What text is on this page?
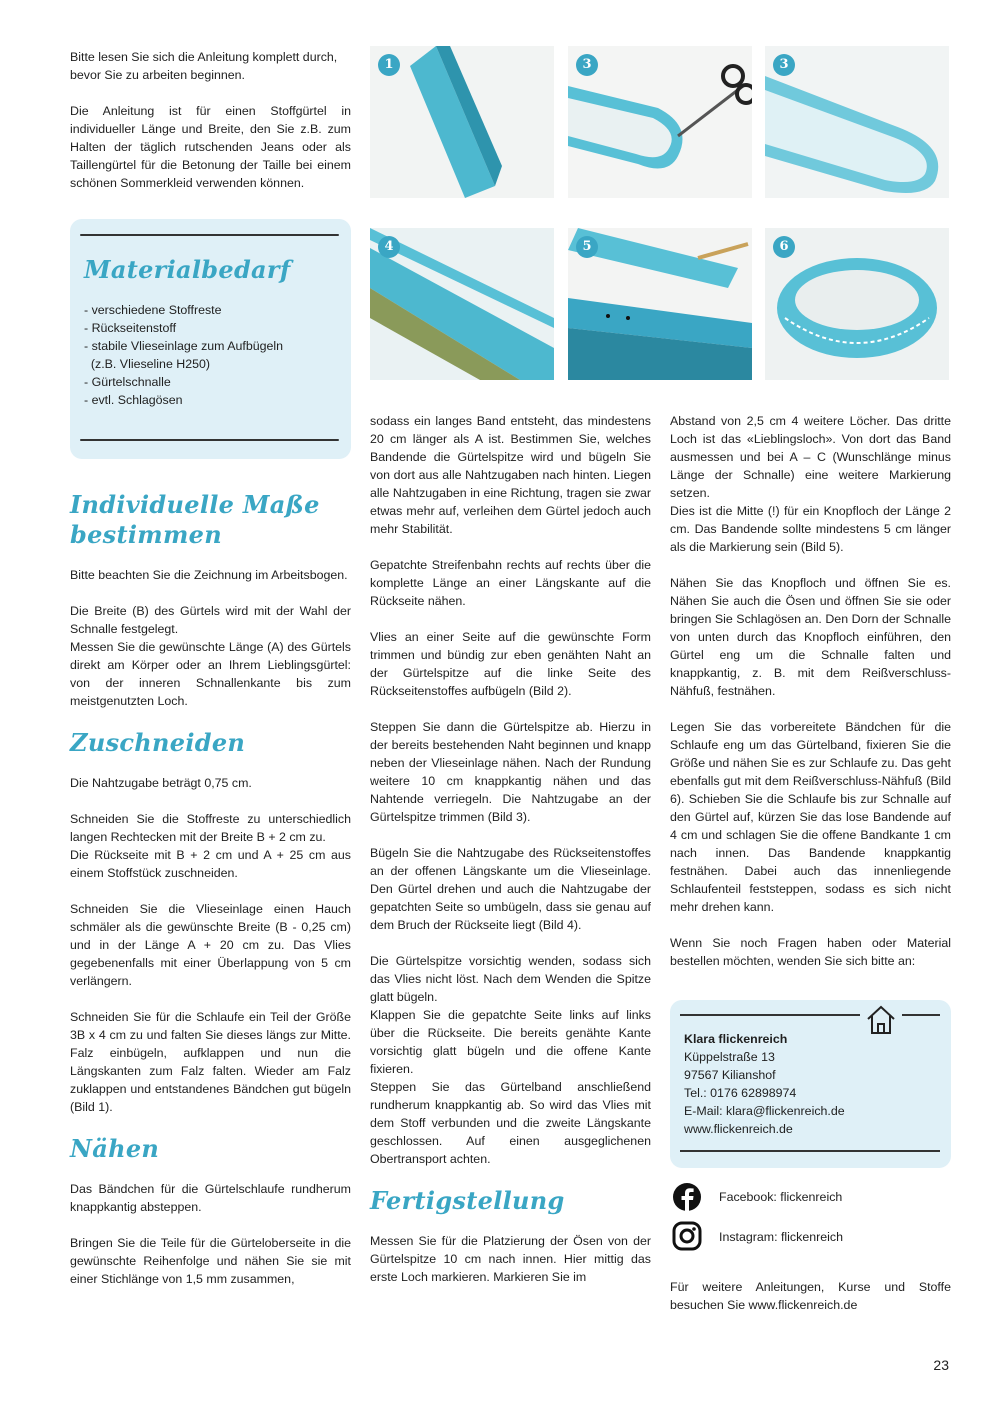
Bitte lesen Sie sich die Anleitung komplett durch, bevor Sie zu arbeiten beginnen.

Die Anleitung ist für einen Stoffgürtel in individueller Länge und Breite, den Sie z.B. zum Halten der täglich rutschenden Jeans oder als Taillengürtel für die Betonung der Taille bei einem schönen Sommerkleid verwenden können.

Materialbedarf
- verschiedene Stoffreste
- Rückseitenstoff
- stabile Vlieseinlage zum Aufbügeln
(z.B. Vlieseline H250)
- Gürtelschnalle
- evtl. Schlagösen
Individuelle Maße bestimmen

Bitte beachten Sie die Zeichnung im Arbeitsbogen.

Die Breite (B) des Gürtels wird mit der Wahl der Schnalle festgelegt.

Messen Sie die gewünschte Länge (A) des Gürtels direkt am Körper oder an Ihrem Lieblingsgürtel: von der inneren Schnallenkante bis zum meistgenutzten Loch.

Zuschneiden

Die Nahtzugabe beträgt 0,75 cm.

Schneiden Sie die Stoffreste zu unterschiedlich langen Rechtecken mit der Breite B + 2 cm zu.

Die Rückseite mit B + 2 cm und A + 25 cm aus einem Stoffstück zuschneiden.

Schneiden Sie die Vlieseinlage einen Hauch schmäler als die gewünschte Breite (B - 0,25 cm) und in der Länge A + 20 cm zu. Das Vlies gegebenenfalls mit einer Überlappung von 5 cm verlängern.

Schneiden Sie für die Schlaufe ein Teil der Größe 3B x 4 cm zu und falten Sie dieses längs zur Mitte. Falz einbügeln, aufklappen und nun die Längskanten zum Falz falten. Wieder am Falz zuklappen und entstandenes Bändchen gut bügeln (Bild 1).

Nähen

Das Bändchen für die Gürtelschlaufe rundherum knappkantig absteppen.

Bringen Sie die Teile für die Gürteloberseite in die gewünschte Reihenfolge und nähen Sie sie mit einer Stichlänge von 1,5 mm zusammen,

1	3	3
4	5	6

sodass ein langes Band entsteht, das mindestens 20 cm länger als A ist. Bestimmen Sie, welches Bandende die Gürtelspitze wird und bügeln Sie von dort aus alle Nahtzugaben nach hinten. Liegen alle Nahtzugaben in eine Richtung, tragen sie zwar etwas mehr auf, verleihen dem Gürtel jedoch auch mehr Stabilität.

Gepatchte Streifenbahn rechts auf rechts über die komplette Länge an einer Längskante auf die Rückseite nähen.

Vlies an einer Seite auf die gewünschte Form trimmen und bündig zur eben genähten Naht an der Gürtelspitze auf die linke Seite des Rückseitenstoffes aufbügeln (Bild 2).

Steppen Sie dann die Gürtelspitze ab. Hierzu in der bereits bestehenden Naht beginnen und knapp neben der Vlieseinlage nähen. Nach der Rundung weitere 10 cm knappkantig nähen und das Nahtende verriegeln. Die Nahtzugabe an der Gürtelspitze trimmen (Bild 3).

Bügeln Sie die Nahtzugabe des Rückseitenstoffes an der offenen Längskante um die Vlieseinlage. Den Gürtel drehen und auch die Nahtzugabe der gepatchten Seite so umbügeln, dass sie genau auf dem Bruch der Rückseite liegt (Bild 4).

Die Gürtelspitze vorsichtig wenden, sodass sich das Vlies nicht löst. Nach dem Wenden die Spitze glatt bügeln.

Klappen Sie die gepatchte Seite links auf links über die Rückseite. Die bereits genähte Kante vorsichtig glatt bügeln und die offene Kante fixieren.

Steppen Sie das Gürtelband anschließend rundherum knappkantig ab. So wird das Vlies mit dem Stoff verbunden und die zweite Längskante geschlossen. Auf einen ausgeglichenen Obertransport achten.

Fertigstellung

Messen Sie für die Platzierung der Ösen von der Gürtelspitze 10 cm nach innen. Hier mittig das erste Loch markieren. Markieren Sie im

Abstand von 2,5 cm 4 weitere Löcher. Das dritte Loch ist das «Lieblingsloch». Von dort das Band ausmessen und bei A – C (Wunschlänge minus Länge der Schnalle) eine weitere Markierung setzen.

Dies ist die Mitte (!) für ein Knopfloch der Länge 2 cm. Das Bandende sollte mindestens 5 cm länger als die Markierung sein (Bild 5).

Nähen Sie das Knopfloch und öffnen Sie es. Nähen Sie auch die Ösen und öffnen Sie sie oder bringen Sie Schlagösen an. Den Dorn der Schnalle von unten durch das Knopfloch einführen, den Gürtel eng um die Schnalle falten und knappkantig, z. B. mit dem Reißverschluss-Nähfuß, festnähen.

Legen Sie das vorbereitete Bändchen für die Schlaufe eng um das Gürtelband, fixieren Sie die Größe und nähen Sie es zur Schlaufe zu. Das geht ebenfalls gut mit dem Reißverschluss-Nähfuß (Bild 6). Schieben Sie die Schlaufe bis zur Schnalle auf den Gürtel auf, kürzen Sie das lose Bandende auf 4 cm und schlagen Sie die offene Bandkante 1 cm nach innen. Das Bandende knappkantig festnähen. Dabei auch das innenliegende Schlaufenteil feststeppen, sodass es sich nicht mehr drehen kann.

Wenn Sie noch Fragen haben oder Material bestellen möchten, wenden Sie sich bitte an:

Klara flickenreich
Küppelstraße 13
97567 Kilianshof
Tel.: 0176 62898974
E-Mail: klara@flickenreich.de
www.flickenreich.de
Facebook: flickenreich
Instagram: flickenreich

Für weitere Anleitungen, Kurse und Stoffe besuchen Sie www.flickenreich.de

23
